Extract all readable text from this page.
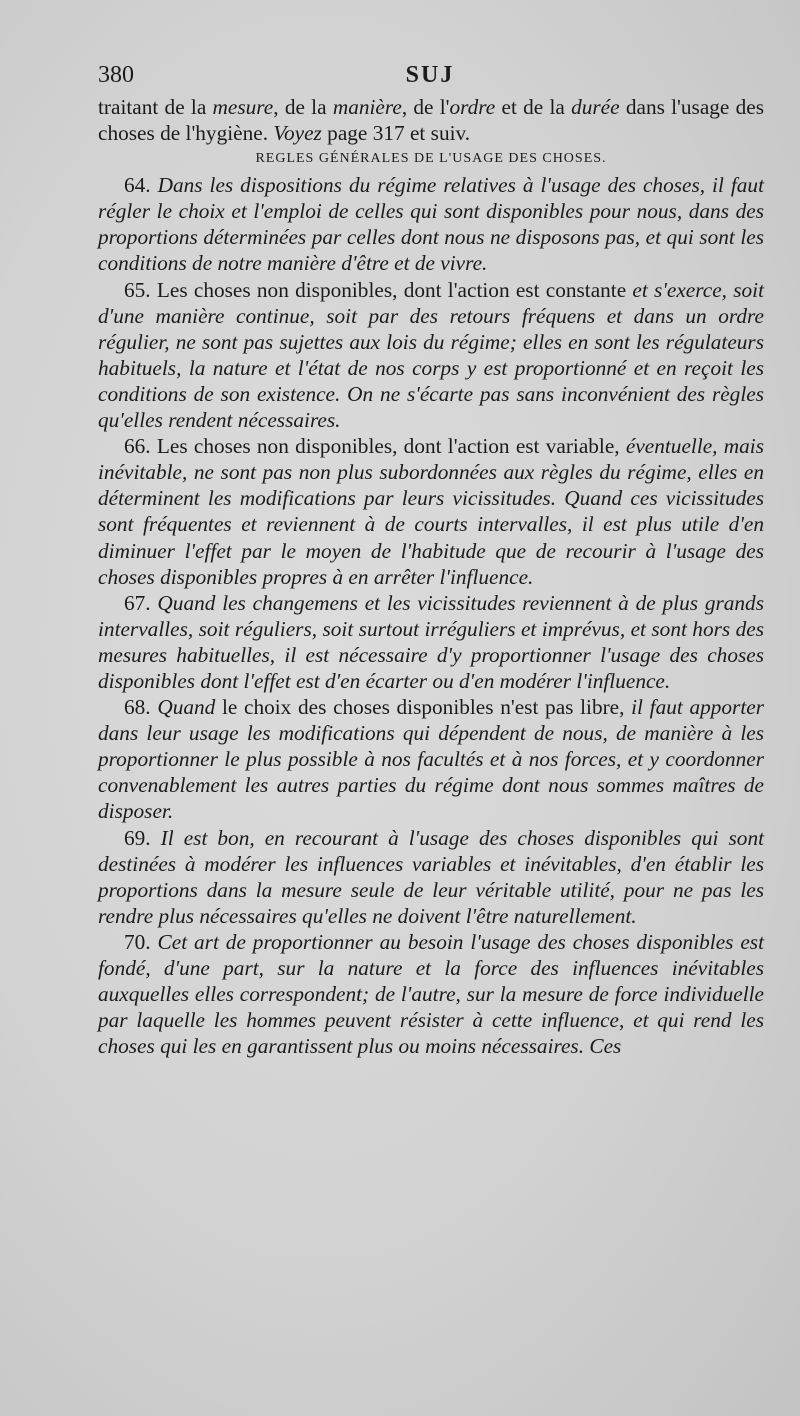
380	SUJ

traitant de la mesure, de la manière, de l'ordre et de la durée dans l'usage des choses de l'hygiène. Voyez page 317 et suiv.

REGLES GÉNÉRALES DE L'USAGE DES CHOSES.

64. Dans les dispositions du régime relatives à l'usage des choses, il faut régler le choix et l'emploi de celles qui sont disponibles pour nous, dans des proportions déterminées par celles dont nous ne disposons pas, et qui sont les conditions de notre manière d'être et de vivre.

65. Les choses non disponibles, dont l'action est constante et s'exerce, soit d'une manière continue, soit par des retours fréquens et dans un ordre régulier, ne sont pas sujettes aux lois du régime; elles en sont les régulateurs habituels, la nature et l'état de nos corps y est proportionné et en reçoit les conditions de son existence. On ne s'écarte pas sans inconvénient des règles qu'elles rendent nécessaires.

66. Les choses non disponibles, dont l'action est variable, éventuelle, mais inévitable, ne sont pas non plus subordonnées aux règles du régime, elles en déterminent les modifications par leurs vicissitudes. Quand ces vicissitudes sont fréquentes et reviennent à de courts intervalles, il est plus utile d'en diminuer l'effet par le moyen de l'habitude que de recourir à l'usage des choses disponibles propres à en arrêter l'influence.

67. Quand les changemens et les vicissitudes reviennent à de plus grands intervalles, soit réguliers, soit surtout irréguliers et imprévus, et sont hors des mesures habituelles, il est nécessaire d'y proportionner l'usage des choses disponibles dont l'effet est d'en écarter ou d'en modérer l'influence.

68. Quand le choix des choses disponibles n'est pas libre, il faut apporter dans leur usage les modifications qui dépendent de nous, de manière à les proportionner le plus possible à nos facultés et à nos forces, et y coordonner convenablement les autres parties du régime dont nous sommes maîtres de disposer.

69. Il est bon, en recourant à l'usage des choses disponibles qui sont destinées à modérer les influences variables et inévitables, d'en établir les proportions dans la mesure seule de leur véritable utilité, pour ne pas les rendre plus nécessaires qu'elles ne doivent l'être naturellement.

70. Cet art de proportionner au besoin l'usage des choses disponibles est fondé, d'une part, sur la nature et la force des influences inévitables auxquelles elles correspondent; de l'autre, sur la mesure de force individuelle par laquelle les hommes peuvent résister à cette influence, et qui rend les choses qui les en garantissent plus ou moins nécessaires. Ces
